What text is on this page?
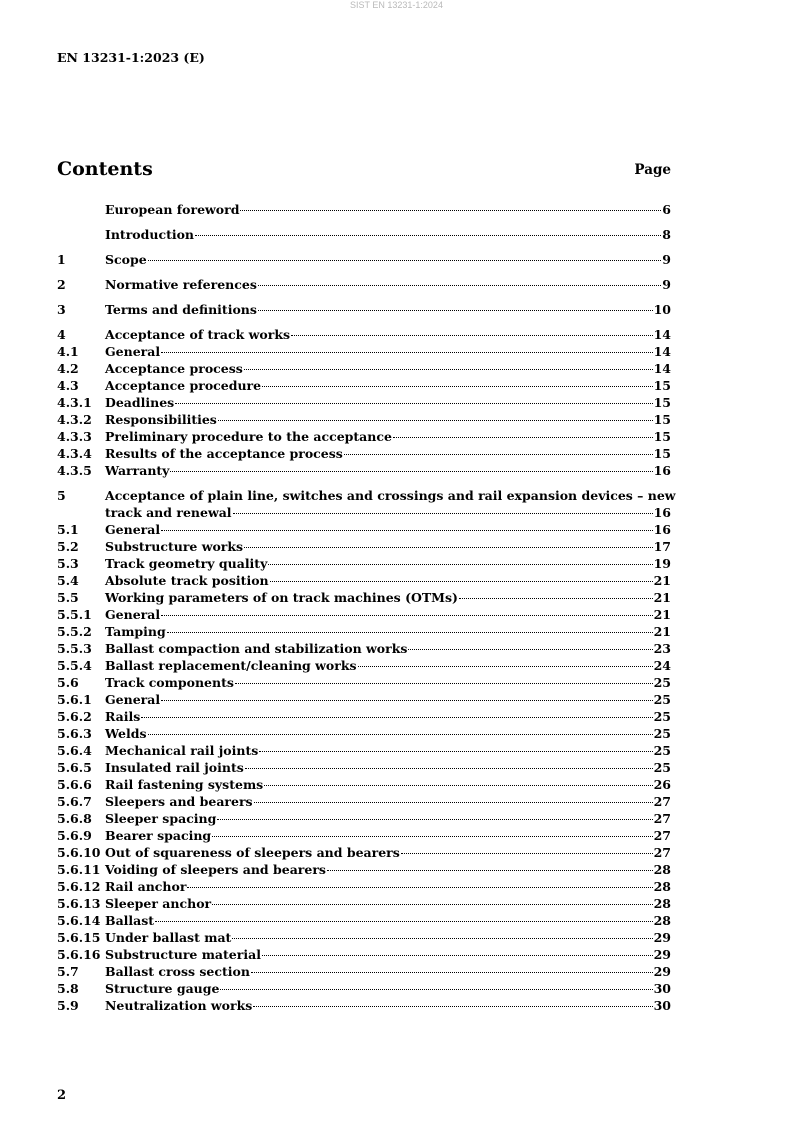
SIST EN 13231-1:2024
EN 13231-1:2023 (E)
Contents	Page
European foreword	6
Introduction	8
1	Scope	9
2	Normative references	9
3	Terms and definitions	10
4	Acceptance of track works	14
4.1	General	14
4.2	Acceptance process	14
4.3	Acceptance procedure	15
4.3.1	Deadlines	15
4.3.2	Responsibilities	15
4.3.3	Preliminary procedure to the acceptance	15
4.3.4	Results of the acceptance process	15
4.3.5	Warranty	16
5	Acceptance of plain line, switches and crossings and rail expansion devices – new
track and renewal	16
5.1	General	16
5.2	Substructure works	17
5.3	Track geometry quality	19
5.4	Absolute track position	21
5.5	Working parameters of on track machines (OTMs)	21
5.5.1	General	21
5.5.2	Tamping	21
5.5.3	Ballast compaction and stabilization works	23
5.5.4	Ballast replacement/cleaning works	24
5.6	Track components	25
5.6.1	General	25
5.6.2	Rails	25
5.6.3	Welds	25
5.6.4	Mechanical rail joints	25
5.6.5	Insulated rail joints	25
5.6.6	Rail fastening systems	26
5.6.7	Sleepers and bearers	27
5.6.8	Sleeper spacing	27
5.6.9	Bearer spacing	27
5.6.10 Out of squareness of sleepers and bearers	27
5.6.11 Voiding of sleepers and bearers	28
5.6.12 Rail anchor	28
5.6.13 Sleeper anchor	28
5.6.14 Ballast	28
5.6.15 Under ballast mat	29
5.6.16 Substructure material	29
5.7	Ballast cross section	29
5.8	Structure gauge	30
5.9	Neutralization works	30
2
